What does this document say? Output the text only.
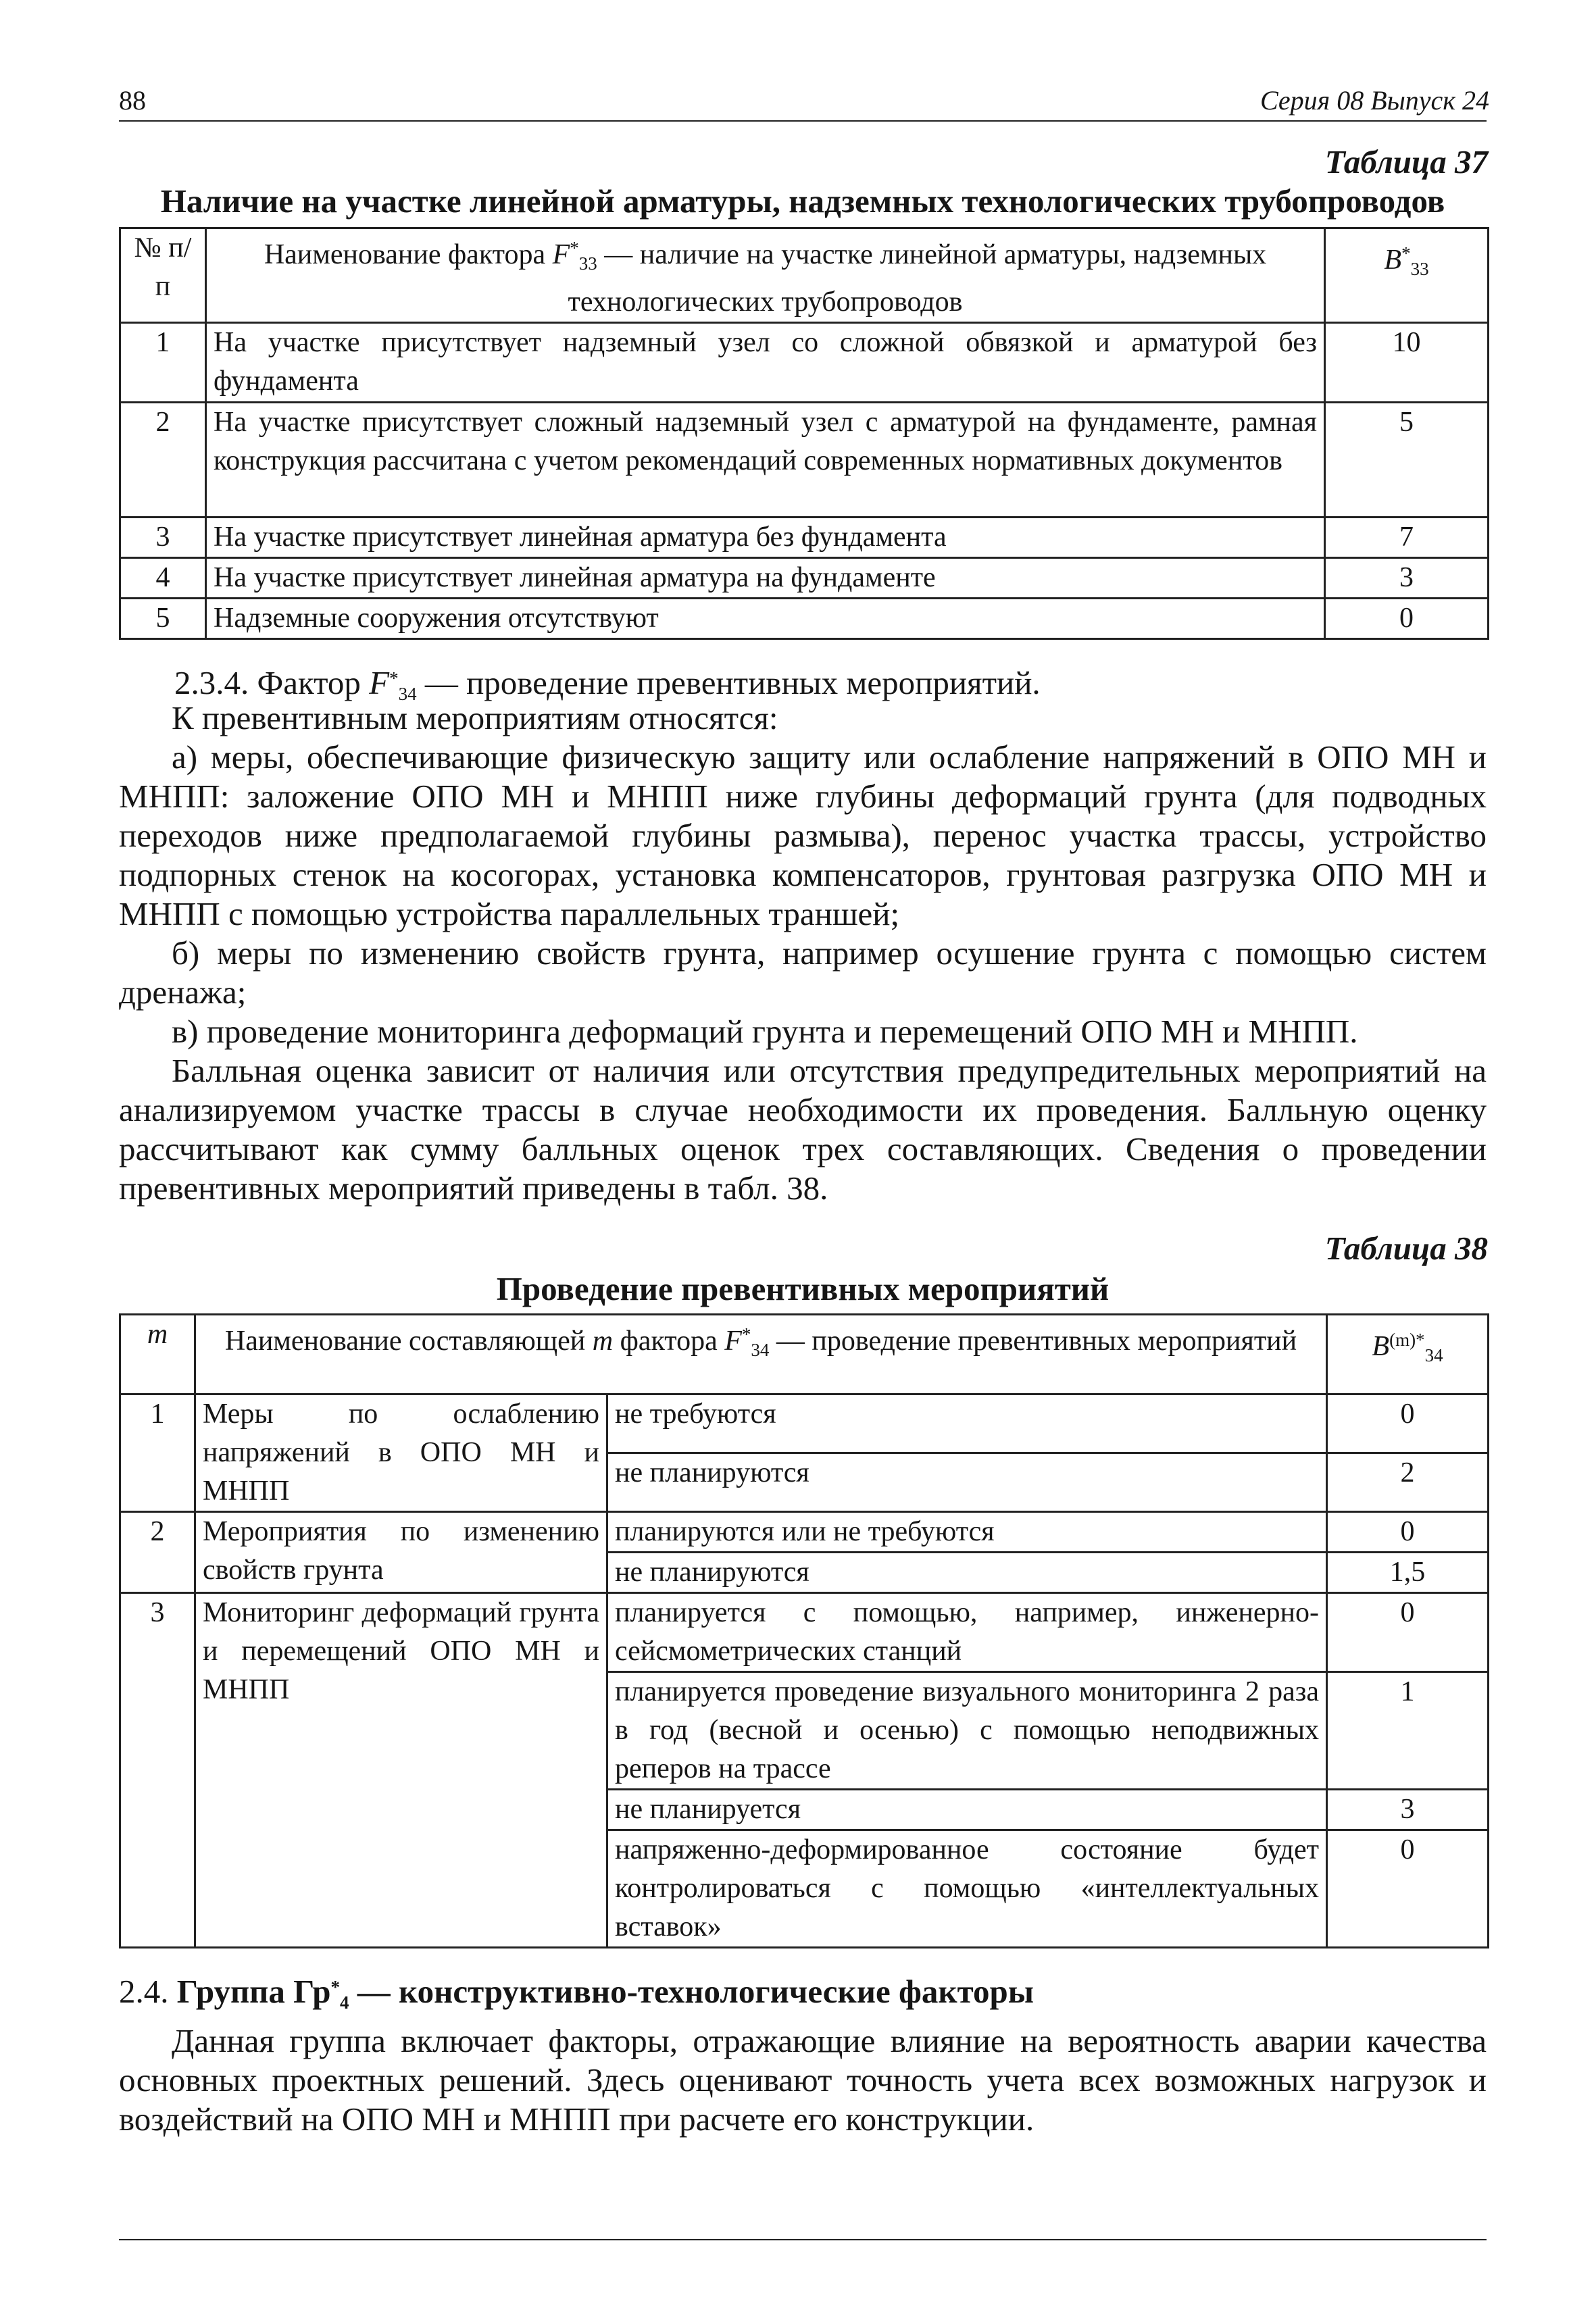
88	Серия 08 Выпуск 24
Таблица 37
Наличие на участке линейной арматуры, надземных технологических трубопроводов
№ п/п	Наименование фактора $F^*_{33}$ — наличие на участке линейной арматуры, надземных технологических трубопроводов	$B^*_{33}$
1	На участке присутствует надземный узел со сложной обвязкой и арматурой без фундамента	10
2	На участке присутствует сложный надземный узел с арматурой на фундаменте, рамная конструкция рассчитана с учетом рекомендаций современных нормативных документов	5
3	На участке присутствует линейная арматура без фундамента	7
4	На участке присутствует линейная арматура на фундаменте	3
5	Надземные сооружения отсутствуют	0
2.3.4. Фактор F*34 — проведение превентивных мероприятий.
К превентивным мероприятиям относятся:
а) меры, обеспечивающие физическую защиту или ослабление напряжений в ОПО МН и МНПП: заложение ОПО МН и МНПП ниже глубины деформаций грунта (для подводных переходов ниже предполагаемой глубины размыва), перенос участка трассы, устройство подпорных стенок на косогорах, установка компенсаторов, грунтовая разгрузка ОПО МН и МНПП с помощью устройства параллельных траншей;
б) меры по изменению свойств грунта, например осушение грунта с помощью систем дренажа;
в) проведение мониторинга деформаций грунта и перемещений ОПО МН и МНПП.
Балльная оценка зависит от наличия или отсутствия предупредительных мероприятий на анализируемом участке трассы в случае необходимости их проведения. Балльную оценку рассчитывают как сумму балльных оценок трех составляющих. Сведения о проведении превентивных мероприятий приведены в табл. 38.
Таблица 38
Проведение превентивных мероприятий
m	Наименование составляющей m фактора $F^*_{34}$ — проведение превентивных мероприятий		$B^{(m)*}_{34}$
1	Меры по ослаблению напряжений в ОПО МН и МНПП	не требуются	0
		не планируются	2
2	Мероприятия по изменению свойств грунта	планируются или не требуются	0
		не планируются	1,5
3	Мониторинг деформаций грунта и перемещений ОПО МН и МНПП	планируется с помощью, например, инженерно-сейсмометрических станций	0
		планируется проведение визуального мониторинга 2 раза в год (весной и осенью) с помощью неподвижных реперов на трассе	1
		не планируется	3
		напряженно-деформированное состояние будет контролироваться с помощью «интеллектуальных вставок»	0
2.4. Группа Гр*4 — конструктивно-технологические факторы
Данная группа включает факторы, отражающие влияние на вероятность аварии качества основных проектных решений. Здесь оценивают точность учета всех возможных нагрузок и воздействий на ОПО МН и МНПП при расчете его конструкции.
